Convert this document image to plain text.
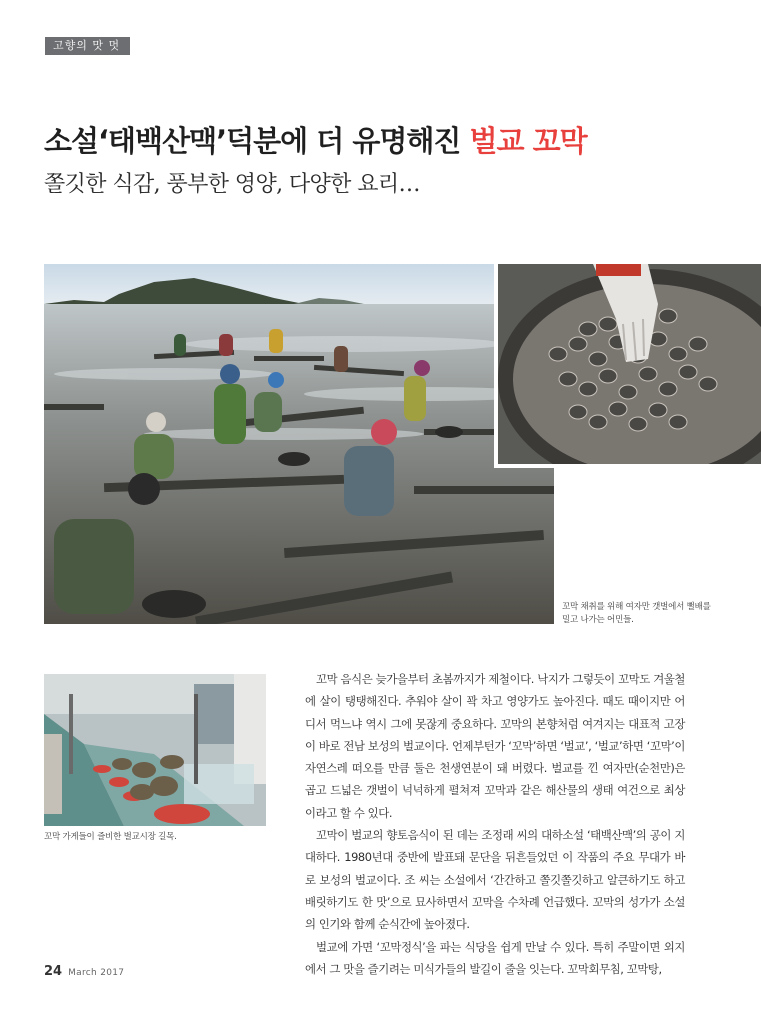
고향의 맛 멋
소설‘태백산맥’덕분에 더 유명해진 벌교 꼬막
쫄깃한 식감, 풍부한 영양, 다양한 요리…
꼬막 채취를 위해 여자만 갯벌에서 뻘배를 밀고 나가는 어민들.
꼬막 가게들이 즐비한 벌교시장 길목.

꼬막 음식은 늦가을부터 초봄까지가 제철이다. 낙지가 그렇듯이 꼬막도 겨울철에 살이 탱탱해진다. 추워야 살이 꽉 차고 영양가도 높아진다. 때도 때이지만 어디서 먹느냐 역시 그에 못잖게 중요하다. 꼬막의 본향처럼 여겨지는 대표적 고장이 바로 전남 보성의 벌교이다. 언제부턴가 ‘꼬막’하면 ‘벌교’, ‘벌교’하면 ‘꼬막’이 자연스레 떠오를 만큼 둘은 천생연분이 돼 버렸다. 벌교를 낀 여자만(순천만)은 곱고 드넓은 갯벌이 넉넉하게 펼쳐져 꼬막과 같은 해산물의 생태 여건으로 최상이라고 할 수 있다.

꼬막이 벌교의 향토음식이 된 데는 조정래 씨의 대하소설 ‘태백산맥’의 공이 지대하다. 1980년대 중반에 발표돼 문단을 뒤흔들었던 이 작품의 주요 무대가 바로 보성의 벌교이다. 조 씨는 소설에서 ‘간간하고 쫄깃쫄깃하고 알큰하기도 하고 배릿하기도 한 맛’으로 묘사하면서 꼬막을 수차례 언급했다. 꼬막의 성가가 소설의 인기와 함께 순식간에 높아졌다.

벌교에 가면 ‘꼬막정식’을 파는 식당을 쉽게 만날 수 있다. 특히 주말이면 외지에서 그 맛을 즐기려는 미식가들의 발길이 줄을 잇는다. 꼬막회무침, 꼬막탕,

24 March 2017
